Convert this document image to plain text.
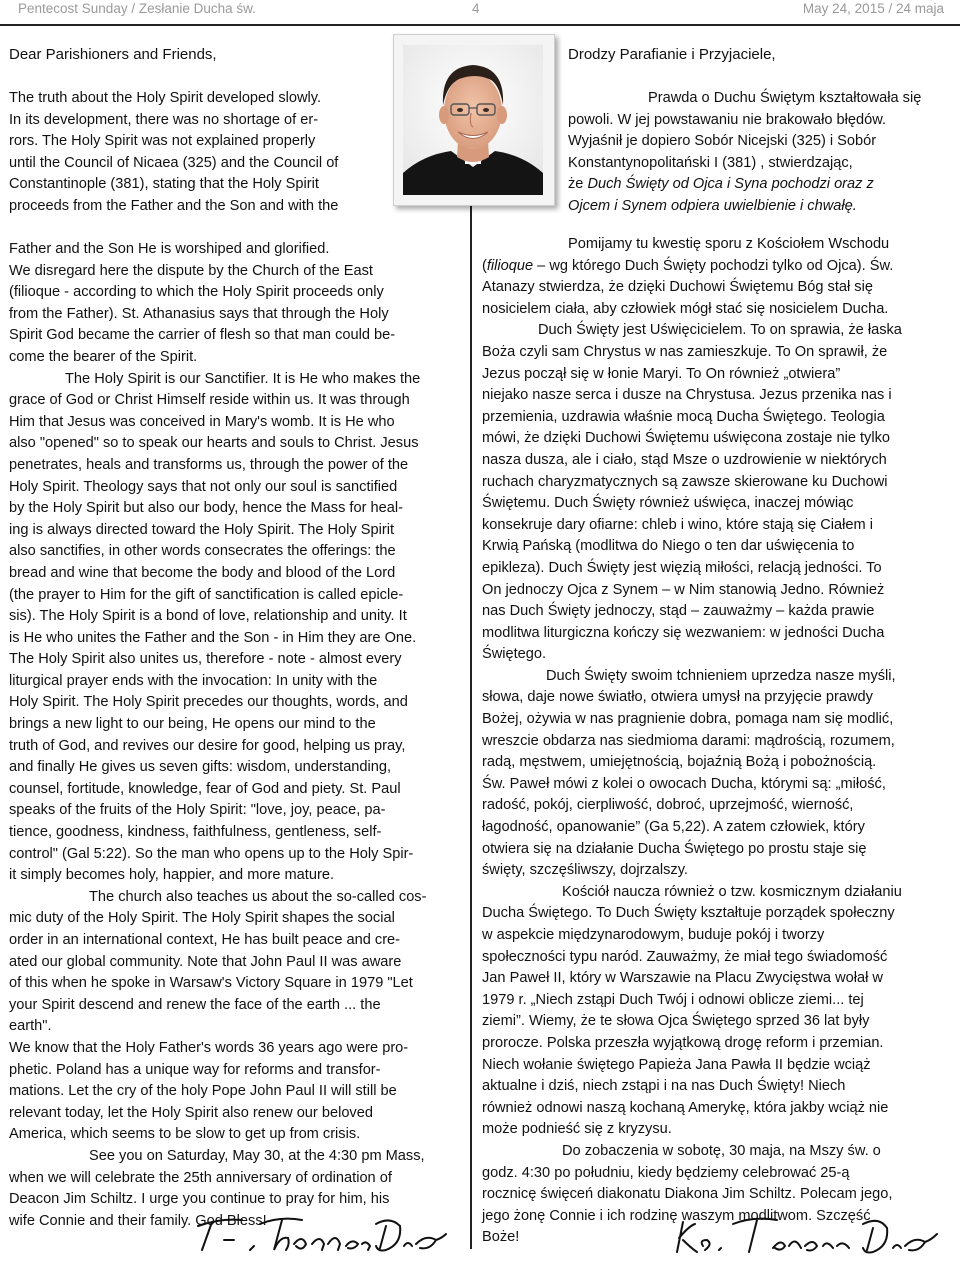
Pentecost Sunday / Zesłanie Ducha św.	4	May 24, 2015 / 24 maja
Dear Parishioners and Friends,

The truth about the Holy Spirit developed slowly.
In its development, there was no shortage of er-
rors. The Holy Spirit was not explained properly
until the Council of Nicaea (325) and the Council of
Constantinople (381), stating that the Holy Spirit
proceeds from the Father and the Son and with the

Father and the Son He is worshiped and glorified.
We disregard here the dispute by the Church of the East
(filioque - according to which the Holy Spirit proceeds only
from the Father). St. Athanasius says that through the Holy
Spirit God became the carrier of flesh so that man could be-
come the bearer of the Spirit.
The Holy Spirit is our Sanctifier. It is He who makes the
grace of God or Christ Himself reside within us. It was through
Him that Jesus was conceived in Mary's womb. It is He who
also "opened" so to speak our hearts and souls to Christ. Jesus
penetrates, heals and transforms us, through the power of the
Holy Spirit. Theology says that not only our soul is sanctified
by the Holy Spirit but also our body, hence the Mass for heal-
ing is always directed toward the Holy Spirit. The Holy Spirit
also sanctifies, in other words consecrates the offerings: the
bread and wine that become the body and blood of the Lord
(the prayer to Him for the gift of sanctification is called epicle-
sis). The Holy Spirit is a bond of love, relationship and unity. It
is He who unites the Father and the Son - in Him they are One.
The Holy Spirit also unites us, therefore - note - almost every
liturgical prayer ends with the invocation: In unity with the
Holy Spirit. The Holy Spirit precedes our thoughts, words, and
brings a new light to our being, He opens our mind to the
truth of God, and revives our desire for good, helping us pray,
and finally He gives us seven gifts: wisdom, understanding,
counsel, fortitude, knowledge, fear of God and piety. St. Paul
speaks of the fruits of the Holy Spirit: "love, joy, peace, pa-
tience, goodness, kindness, faithfulness, gentleness, self-
control" (Gal 5:22). So the man who opens up to the Holy Spir-
it simply becomes holy, happier, and more mature.
The church also teaches us about the so-called cos-
mic duty of the Holy Spirit. The Holy Spirit shapes the social
order in an international context, He has built peace and cre-
ated our global community. Note that John Paul II was aware
of this when he spoke in Warsaw's Victory Square in 1979 "Let
your Spirit descend and renew the face of the earth ... the
earth".
We know that the Holy Father's words 36 years ago were pro-
phetic. Poland has a unique way for reforms and transfor-
mations. Let the cry of the holy Pope John Paul II will still be
relevant today, let the Holy Spirit also renew our beloved
America, which seems to be slow to get up from crisis.
See you on Saturday, May 30, at the 4:30 pm Mass,
when we will celebrate the 25th anniversary of ordination of
Deacon Jim Schiltz. I urge you continue to pray for him, his
wife Connie and their family. God Bless!

Drodzy Parafianie i Przyjaciele,

Prawda o Duchu Świętym kształtowała się
powoli. W jej powstawaniu nie brakowało błędów.
Wyjaśnił je dopiero Sobór Nicejski (325) i Sobór
Konstantynopolitański I (381) , stwierdzając,
że Duch Święty od Ojca i Syna pochodzi oraz z
Ojcem i Synem odpiera uwielbienie i chwałę.

Pomijamy tu kwestię sporu z Kościołem Wschodu
(filioque – wg którego Duch Święty pochodzi tylko od Ojca). Św.
Atanazy stwierdza, że dzięki Duchowi Świętemu Bóg stał się
nosicielem ciała, aby człowiek mógł stać się nosicielem Ducha.
Duch Święty jest Uświęcicielem. To on sprawia, że łaska
Boża czyli sam Chrystus w nas zamieszkuje. To On sprawił, że
Jezus począł się w łonie Maryi. To On również „otwiera”
niejako nasze serca i dusze na Chrystusa. Jezus przenika nas i
przemienia, uzdrawia właśnie mocą Ducha Świętego. Teologia
mówi, że dzięki Duchowi Świętemu uświęcona zostaje nie tylko
nasza dusza, ale i ciało, stąd Msze o uzdrowienie w niektórych
ruchach charyzmatycznych są zawsze skierowane ku Duchowi
Świętemu. Duch Święty również uświęca, inaczej mówiąc
konsekruje dary ofiarne: chleb i wino, które stają się Ciałem i
Krwią Pańską (modlitwa do Niego o ten dar uświęcenia to
epikleza). Duch Święty jest więzią miłości, relacją jedności. To
On jednoczy Ojca z Synem – w Nim stanowią Jedno. Również
nas Duch Święty jednoczy, stąd – zauważmy – każda prawie
modlitwa liturgiczna kończy się wezwaniem: w jedności Ducha
Świętego.
Duch Święty swoim tchnieniem uprzedza nasze myśli,
słowa, daje nowe światło, otwiera umysł na przyjęcie prawdy
Bożej, ożywia w nas pragnienie dobra, pomaga nam się modlić,
wreszcie obdarza nas siedmioma darami: mądrością, rozumem,
radą, męstwem, umiejętnością, bojaźnią Bożą i pobożnością.
Św. Paweł mówi z kolei o owocach Ducha, którymi są: „miłość,
radość, pokój, cierpliwość, dobroć, uprzejmość, wierność,
łagodność, opanowanie” (Ga 5,22). A zatem człowiek, który
otwiera się na działanie Ducha Świętego po prostu staje się
święty, szczęśliwszy, dojrzalszy.
Kościół naucza również o tzw. kosmicznym działaniu
Ducha Świętego. To Duch Święty kształtuje porządek społeczny
w aspekcie międzynarodowym, buduje pokój i tworzy
społeczności typu naród. Zauważmy, że miał tego świadomość
Jan Paweł II, który w Warszawie na Placu Zwycięstwa wołał w
1979 r. „Niech zstąpi Duch Twój i odnowi oblicze ziemi... tej
ziemi”. Wiemy, że te słowa Ojca Świętego sprzed 36 lat były
prorocze. Polska przeszła wyjątkową drogę reform i przemian.
Niech wołanie świętego Papieża Jana Pawła II będzie wciąż
aktualne i dziś, niech zstąpi i na nas Duch Święty! Niech
również odnowi naszą kochaną Amerykę, która jakby wciąż nie
może podnieść się z kryzysu.
Do zobaczenia w sobotę, 30 maja, na Mszy św. o
godz. 4:30 po południu, kiedy będziemy celebrować 25-ą
rocznicę święceń diakonatu Diakona Jim Schiltz. Polecam jego,
jego żonę Connie i ich rodzinę waszym modlitwom. Szczęść
Boże!
